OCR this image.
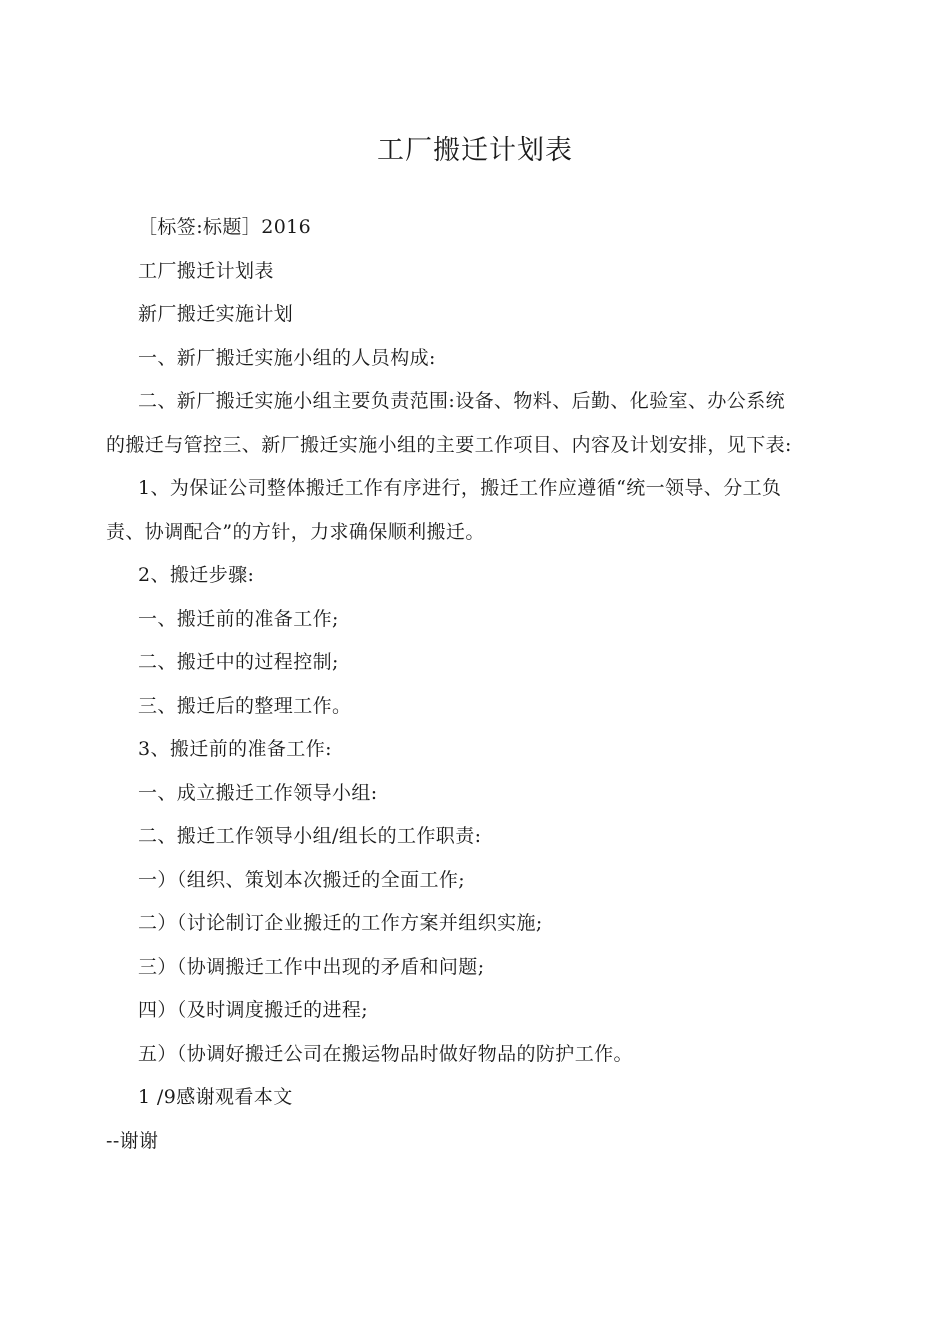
工厂搬迁计划表
［标签:标题］2016
工厂搬迁计划表
新厂搬迁实施计划
一、新厂搬迁实施小组的人员构成:
二、新厂搬迁实施小组主要负责范围:设备、物料、后勤、化验室、办公系统
的搬迁与管控三、新厂搬迁实施小组的主要工作项目、内容及计划安排，见下表:
1、为保证公司整体搬迁工作有序进行，搬迁工作应遵循“统一领导、分工负
责、协调配合”的方针，力求确保顺利搬迁。
2、搬迁步骤:
一、搬迁前的准备工作;
二、搬迁中的过程控制;
三、搬迁后的整理工作。
3、搬迁前的准备工作:
一、成立搬迁工作领导小组:
二、搬迁工作领导小组/组长的工作职责:
一）（组织、策划本次搬迁的全面工作;
二）（讨论制订企业搬迁的工作方案并组织实施;
三）（协调搬迁工作中出现的矛盾和问题;
四）（及时调度搬迁的进程;
五）（协调好搬迁公司在搬运物品时做好物品的防护工作。
1 /9感谢观看本文
--谢谢
